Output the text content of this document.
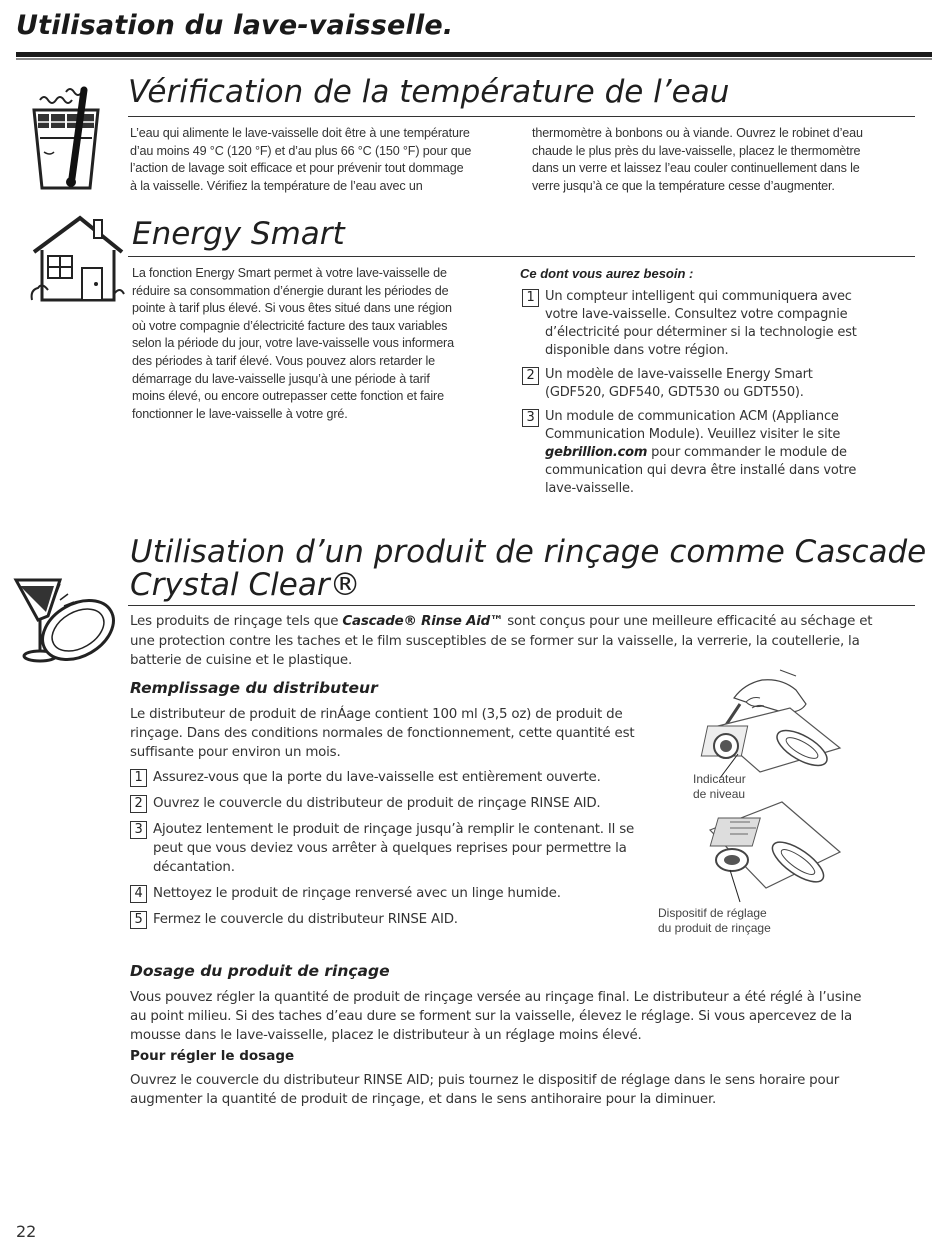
Utilisation du lave-vaisselle.
Vérification de la température de l’eau
L’eau qui alimente le lave-vaisselle doit être à une température
d’au moins 49 °C (120 °F) et d’au plus 66 °C (150 °F) pour que
l’action de lavage soit efficace et pour prévenir tout dommage
à la vaisselle. Vérifiez la température de l’eau avec un
thermomètre à bonbons ou à viande. Ouvrez le robinet d’eau
chaude le plus près du lave-vaisselle, placez le thermomètre
dans un verre et laissez l’eau couler continuellement dans le
verre jusqu’à ce que la température cesse d’augmenter.
Energy Smart
La fonction Energy Smart permet à votre lave-vaisselle de
réduire sa consommation d’énergie durant les périodes de
pointe à tarif plus élevé. Si vous êtes situé dans une région
où votre compagnie d’électricité facture des taux variables
selon la période du jour, votre lave-vaisselle vous informera
des périodes à tarif élevé. Vous pouvez alors retarder le
démarrage du lave-vaisselle jusqu’à une période à tarif
moins élevé, ou encore outrepasser cette fonction et faire
fonctionner le lave-vaisselle à votre gré.
Ce dont vous aurez besoin :
1 Un compteur intelligent qui communiquera avec
votre lave-vaisselle. Consultez votre compagnie
d’électricité pour déterminer si la technologie est
disponible dans votre région.
2 Un modèle de lave-vaisselle Energy Smart
(GDF520, GDF540, GDT530 ou GDT550).
3 Un module de communication ACM (Appliance
Communication Module). Veuillez visiter le site
gebrillion.com pour commander le module de
communication qui devra être installé dans votre
lave-vaisselle.
Utilisation d’un produit de rinçage comme Cascade
Crystal Clear®
Les produits de rinçage tels que Cascade® Rinse Aid™ sont conçus pour une meilleure efficacité au séchage et
une protection contre les taches et le film susceptibles de se former sur la vaisselle, la verrerie, la coutellerie, la
batterie de cuisine et le plastique.
Remplissage du distributeur
Le distributeur de produit de rinÁage contient 100 ml (3,5 oz) de produit de
rinçage. Dans des conditions normales de fonctionnement, cette quantité est
suffisante pour environ un mois.
1 Assurez-vous que la porte du lave-vaisselle est entièrement ouverte.
2 Ouvrez le couvercle du distributeur de produit de rinçage RINSE AID.
3 Ajoutez lentement le produit de rinçage jusqu’à remplir le contenant. Il se
peut que vous deviez vous arrêter à quelques reprises pour permettre la
décantation.
4 Nettoyez le produit de rinçage renversé avec un linge humide.
5 Fermez le couvercle du distributeur RINSE AID.
Indicateur
de niveau
Dispositif de réglage
du produit de rinçage
Dosage du produit de rinçage
Vous pouvez régler la quantité de produit de rinçage versée au rinçage final. Le distributeur a été réglé à l’usine
au point milieu. Si des taches d’eau dure se forment sur la vaisselle, élevez le réglage. Si vous apercevez de la
mousse dans le lave-vaisselle, placez le distributeur à un réglage moins élevé.
Pour régler le dosage
Ouvrez le couvercle du distributeur RINSE AID; puis tournez le dispositif de réglage dans le sens horaire pour
augmenter la quantité de produit de rinçage, et dans le sens antihoraire pour la diminuer.
22
